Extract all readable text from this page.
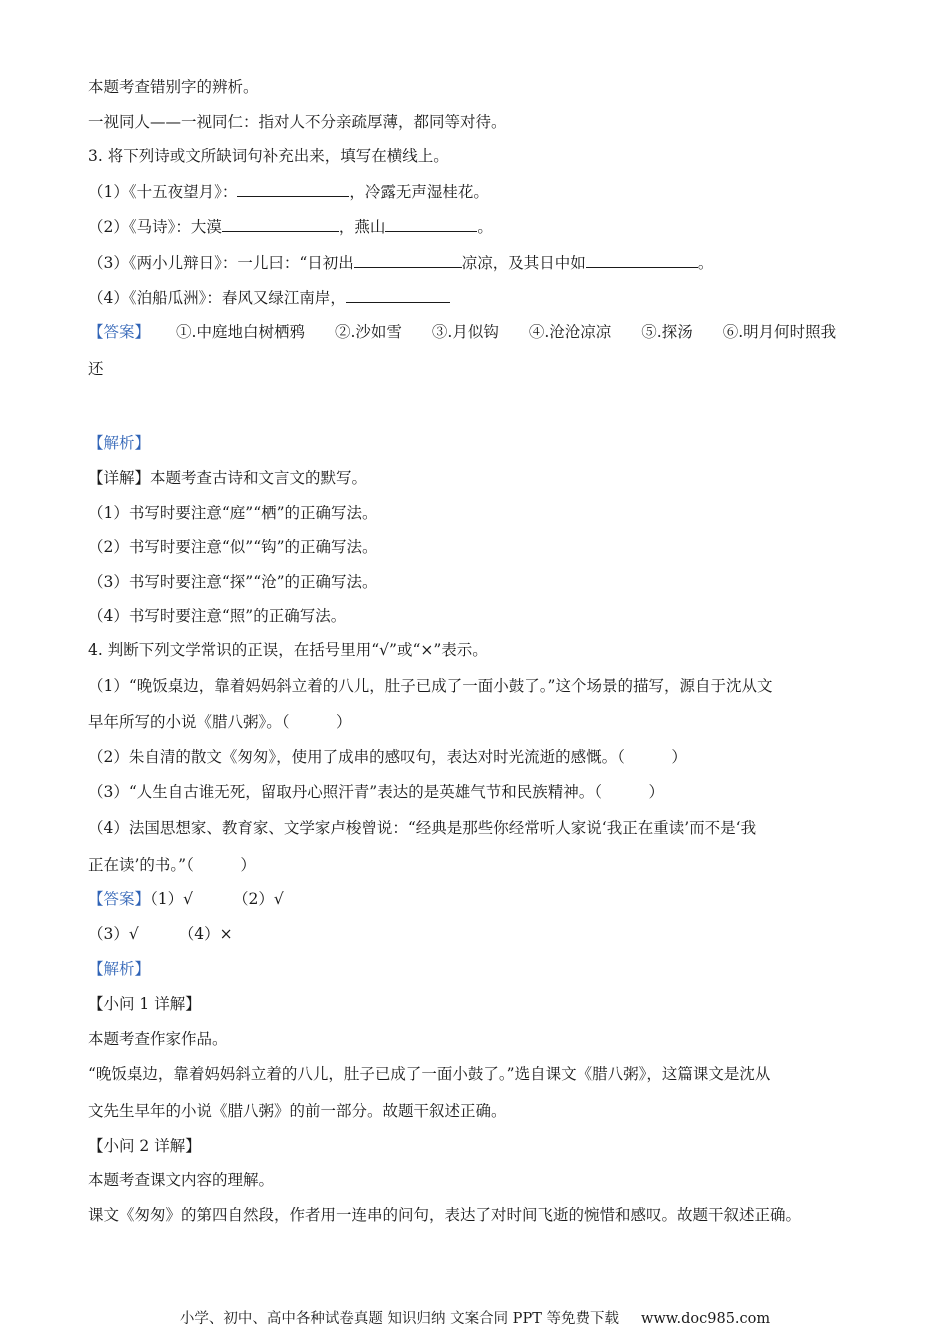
本题考查错别字的辨析。
一视同人——一视同仁：指对人不分亲疏厚薄，都同等对待。
3. 将下列诗或文所缺词句补充出来，填写在横线上。
（1）《十五夜望月》：	，冷露无声湿桂花。
（2）《马诗》：大漠	，燕山	。
（3）《两小儿辩日》：一儿曰：“日初出	凉凉，及其日中如	。
（4）《泊船瓜洲》：春风又绿江南岸，
【答案】 ①.中庭地白树栖鸦 ②.沙如雪 ③.月似钩 ④.沧沧凉凉 ⑤.探汤 ⑥.明月何时照我
还
【解析】
【详解】本题考查古诗和文言文的默写。
（1）书写时要注意“庭”“栖”的正确写法。
（2）书写时要注意“似”“钩”的正确写法。
（3）书写时要注意“探”“沧”的正确写法。
（4）书写时要注意“照”的正确写法。
4. 判断下列文学常识的正误，在括号里用“√”或“×”表示。
（1）“晚饭桌边，靠着妈妈斜立着的八儿，肚子已成了一面小鼓了。”这个场景的描写，源自于沈从文
早年所写的小说《腊八粥》。（　　　）
（2）朱自清的散文《匆匆》，使用了成串的感叹句，表达对时光流逝的感慨。（　　　）
（3）“人生自古谁无死，留取丹心照汗青”表达的是英雄气节和民族精神。（　　　）
（4）法国思想家、教育家、文学家卢梭曾说：“经典是那些你经常听人家说‘我正在重读’而不是‘我
正在读’的书。”（　　　）
【答案】（1）√	（2）√
（3）√	（4）×
【解析】
【小问 1 详解】
本题考查作家作品。
“晚饭桌边，靠着妈妈斜立着的八儿，肚子已成了一面小鼓了。”选自课文《腊八粥》，这篇课文是沈从
文先生早年的小说《腊八粥》的前一部分。故题干叙述正确。
【小问 2 详解】
本题考查课文内容的理解。
课文《匆匆》的第四自然段，作者用一连串的问句，表达了对时间飞逝的惋惜和感叹。故题干叙述正确。
小学、初中、高中各种试卷真题 知识归纳 文案合同 PPT 等免费下载 www.doc985.com
